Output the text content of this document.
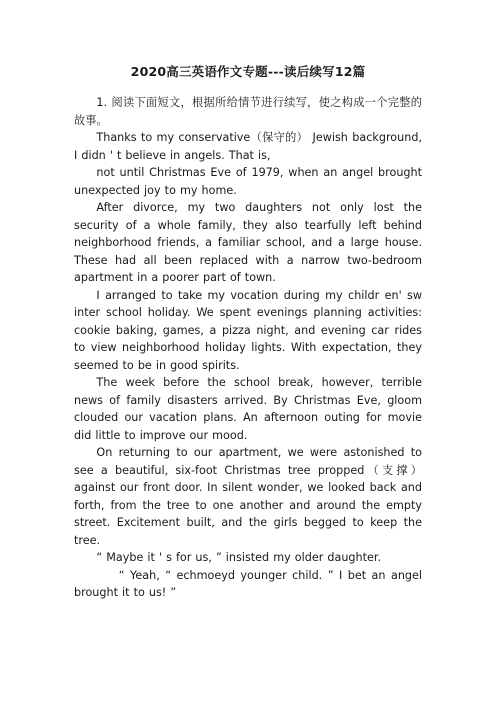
2020高三英语作文专题---读后续写12篇

1. 阅读下面短文，根据所给情节进行续写，使之构成一个完整的故事。

Thanks to my conservative（保守的） Jewish background, I didn ' t believe in angels. That is,

not until Christmas Eve of 1979, when an angel brought unexpected joy to my home.

After divorce, my two daughters not only lost the security of a whole family, they also tearfully left behind neighborhood friends, a familiar school, and a large house. These had all been replaced with a narrow two-bedroom apartment in a poorer part of town.

I arranged to take my vocation during my childr en' sw inter school holiday. We spent evenings planning activities: cookie baking, games, a pizza night, and evening car rides to view neighborhood holiday lights. With expectation, they seemed to be in good spirits.

The week before the school break, however, terrible news of family disasters arrived. By Christmas Eve, gloom clouded our vacation plans. An afternoon outing for movie did little to improve our mood.

On returning to our apartment, we were astonished to see a beautiful, six-foot Christmas tree propped（支撑） against our front door. In silent wonder, we looked back and forth, from the tree to one another and around the empty street. Excitement built, and the girls begged to keep the tree.

“ Maybe it ' s for us, ” insisted my older daughter.

“ Yeah, “ echmoeyd younger child. ” I bet an angel brought it to us! ”
